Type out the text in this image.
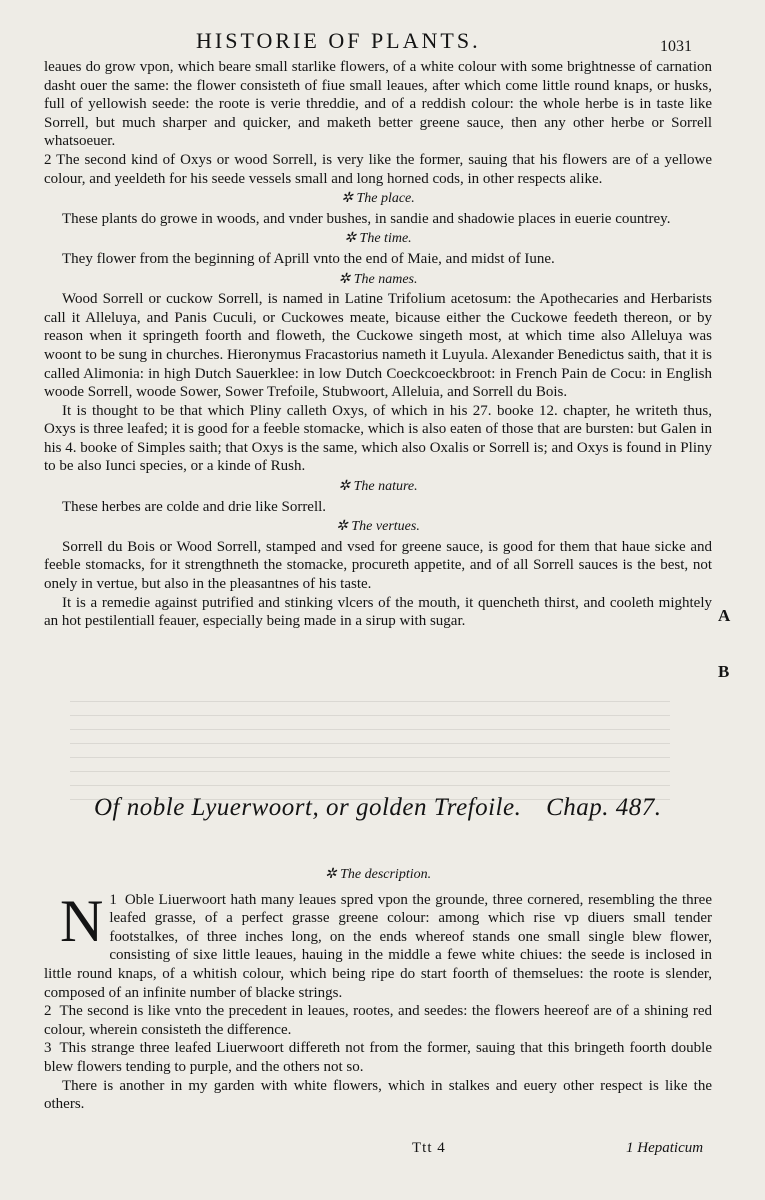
HISTORIE OF PLANTS.	1031

leaues do grow vpon, which beare small starlike flowers, of a white colour with some brightnesse of carnation dasht ouer the same: the flower consisteth of fiue small leaues, after which come little round knaps, or husks, full of yellowish seede: the roote is verie threddie, and of a reddish colour: the whole herbe is in taste like Sorrell, but much sharper and quicker, and maketh better greene sauce, then any other herbe or Sorrell whatsoeuer.

2 The second kind of Oxys or wood Sorrell, is very like the former, sauing that his flowers are of a yellowe colour, and yeeldeth for his seede vessels small and long horned cods, in other respects alike.

✲ The place.

These plants do growe in woods, and vnder bushes, in sandie and shadowie places in euerie countrey.

✲ The time.

They flower from the beginning of Aprill vnto the end of Maie, and midst of Iune.

✲ The names.

Wood Sorrell or cuckow Sorrell, is named in Latine Trifolium acetosum: the Apothecaries and Herbarists call it Alleluya, and Panis Cuculi, or Cuckowes meate, bicause either the Cuckowe feedeth thereon, or by reason when it springeth foorth and floweth, the Cuckowe singeth most, at which time also Alleluya was woont to be sung in churches. Hieronymus Fracastorius nameth it Luyula. Alexander Benedictus saith, that it is called Alimonia: in high Dutch Sauerklee: in low Dutch Coeckcoeckbroot: in French Pain de Cocu: in English woode Sorrell, woode Sower, Sower Trefoile, Stubwoort, Alleluia, and Sorrell du Bois.

It is thought to be that which Pliny calleth Oxys, of which in his 27. booke 12. chapter, he writeth thus, Oxys is three leafed; it is good for a feeble stomacke, which is also eaten of those that are bursten: but Galen in his 4. booke of Simples saith; that Oxys is the same, which also Oxalis or Sorrell is; and Oxys is found in Pliny to be also Iunci species, or a kinde of Rush.

✲ The nature.

These herbes are colde and drie like Sorrell.

✲ The vertues.

Sorrell du Bois or Wood Sorrell, stamped and vsed for greene sauce, is good for them that haue sicke and feeble stomacks, for it strengthneth the stomacke, procureth appetite, and of all Sorrell sauces is the best, not onely in vertue, but also in the pleasantnes of his taste.

It is a remedie against putrified and stinking vlcers of the mouth, it quencheth thirst, and cooleth mightely an hot pestilentiall feauer, especially being made in a sirup with sugar.	A
B
Of noble Lyuerwoort, or golden Trefoile. Chap. 487.

✲ The description.

N 1 Oble Liuerwoort hath many leaues spred vpon the grounde, three cornered, resembling the three leafed grasse, of a perfect grasse greene colour: among which rise vp diuers small tender footstalkes, of three inches long, on the ends whereof stands one small single blew flower, consisting of sixe little leaues, hauing in the middle a fewe white chiues: the seede is inclosed in little round knaps, of a whitish colour, which being ripe do start foorth of themselues: the roote is slender, composed of an infinite number of blacke strings.

2 The second is like vnto the precedent in leaues, rootes, and seedes: the flowers heereof are of a shining red colour, wherein consisteth the difference.

3 This strange three leafed Liuerwoort differeth not from the former, sauing that this bringeth foorth double blew flowers tending to purple, and the others not so.

There is another in my garden with white flowers, which in stalkes and euery other respect is like the others.

Ttt 4	1 Hepaticum
